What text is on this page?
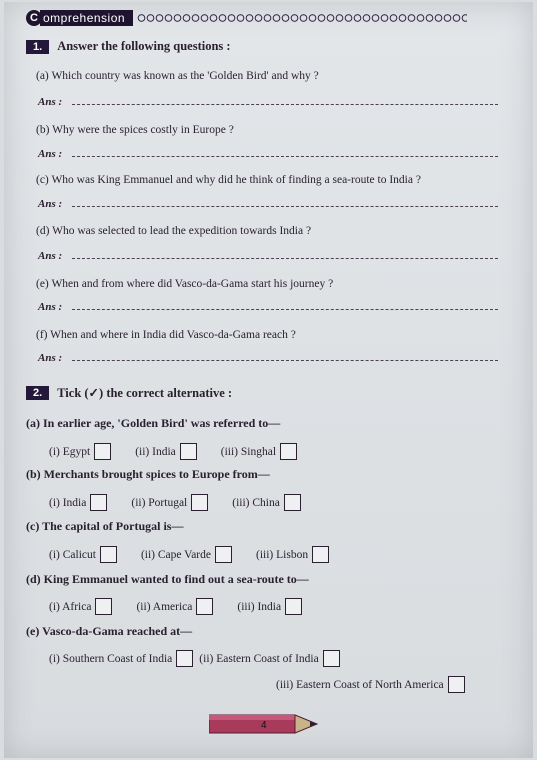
C omprehension
1.	Answer the following questions :
(a) Which country was known as the 'Golden Bird' and why ?
Ans :
(b) Why were the spices costly in Europe ?
Ans :
(c) Who was King Emmanuel and why did he think of finding a sea-route to India ?
Ans :
(d) Who was selected to lead the expedition towards India ?
Ans :
(e) When and from where did Vasco-da-Gama start his journey ?
Ans :
(f) When and where in India did Vasco-da-Gama reach ?
Ans :
2.	Tick (✓) the correct alternative :
(a) In earlier age, 'Golden Bird' was referred to—
(i) Egypt	(ii) India	(iii) Singhal
(b) Merchants brought spices to Europe from—
(i) India	(ii) Portugal	(iii) China
(c) The capital of Portugal is—
(i) Calicut	(ii) Cape Varde	(iii) Lisbon
(d) King Emmanuel wanted to find out a sea-route to—
(i) Africa	(ii) America	(iii) India
(e) Vasco-da-Gama reached at—
(i) Southern Coast of India (ii) Eastern Coast of India
(iii) Eastern Coast of North America
4
